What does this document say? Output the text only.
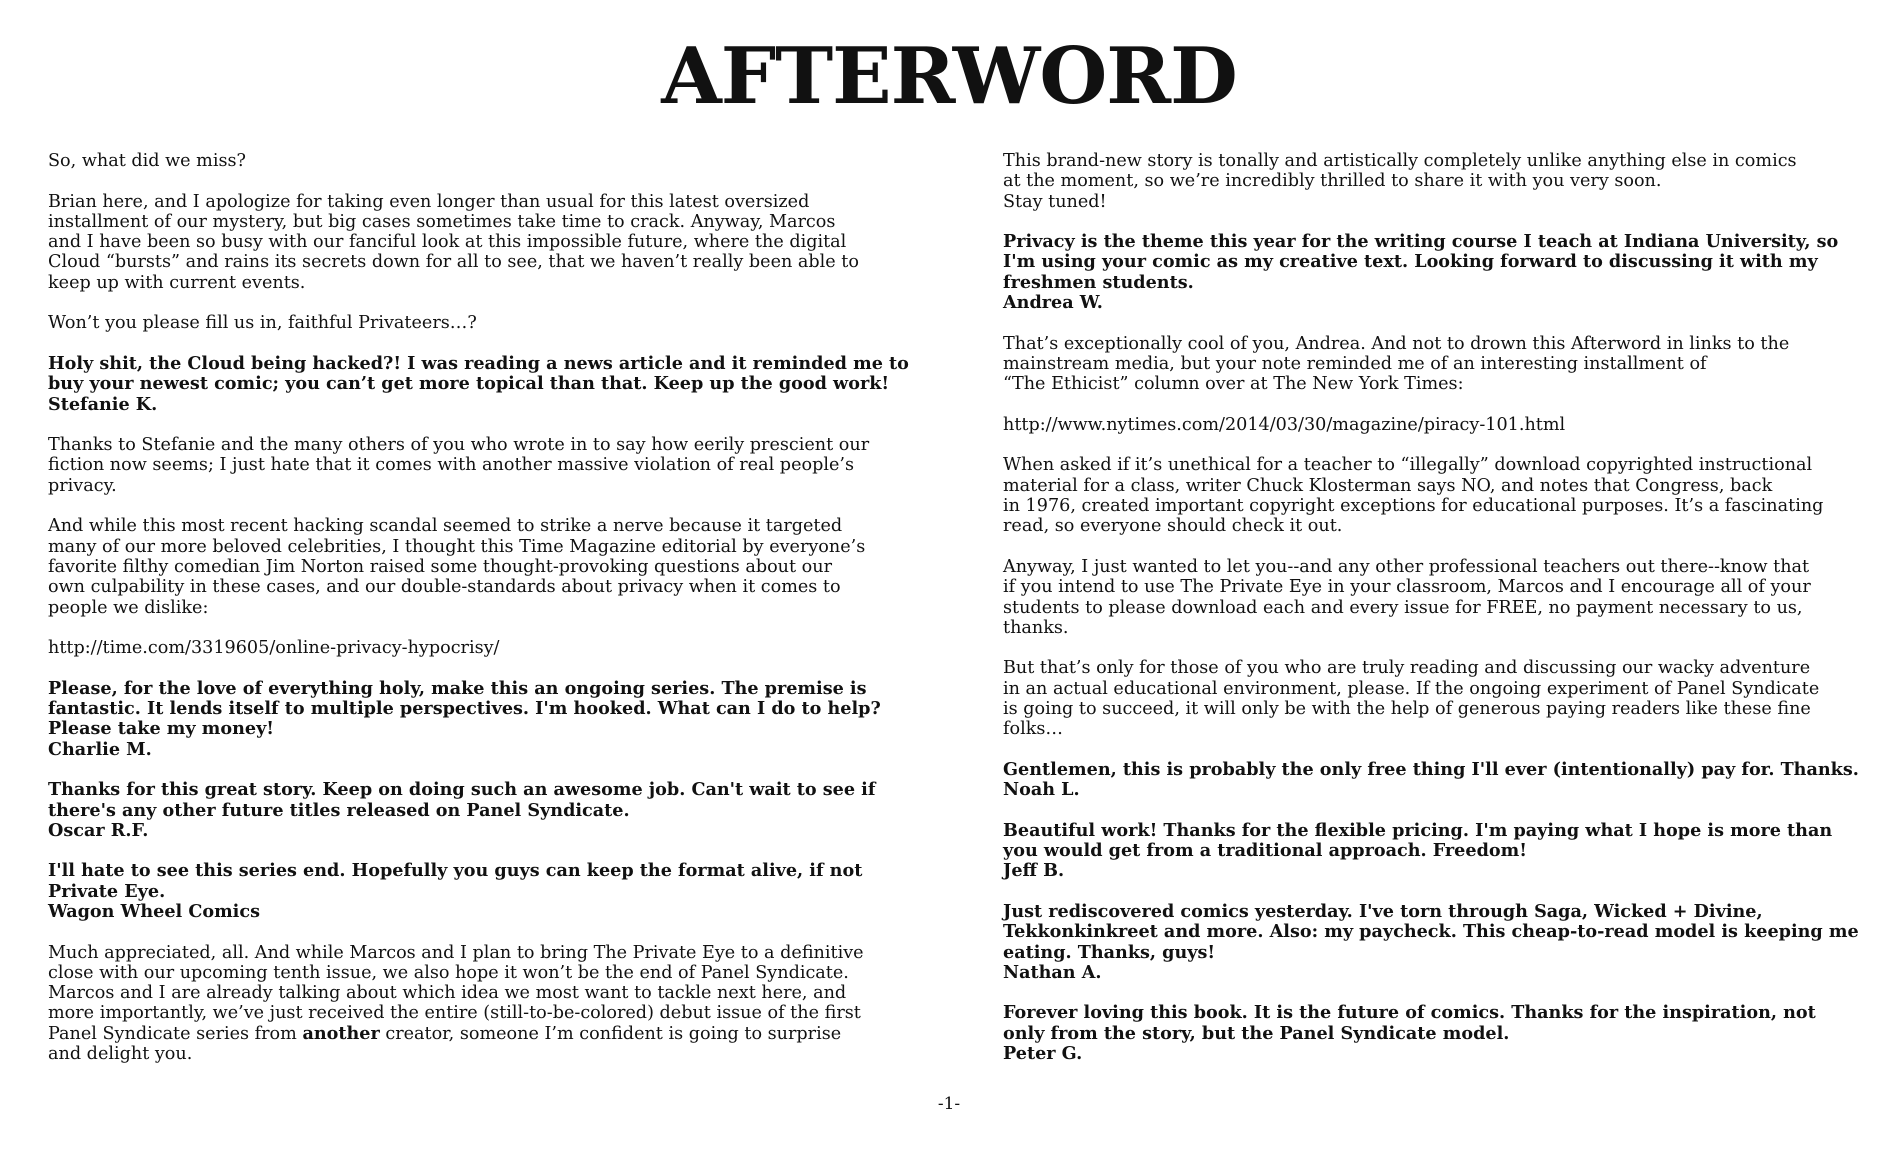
AFTERWORD

So, what did we miss?

Brian here, and I apologize for taking even longer than usual for this latest oversized
installment of our mystery, but big cases sometimes take time to crack. Anyway, Marcos
and I have been so busy with our fanciful look at this impossible future, where the digital
Cloud “bursts” and rains its secrets down for all to see, that we haven’t really been able to
keep up with current events.

Won’t you please fill us in, faithful Privateers…?

Holy shit, the Cloud being hacked?! I was reading a news article and it reminded me to
buy your newest comic; you can’t get more topical than that. Keep up the good work!
Stefanie K.

Thanks to Stefanie and the many others of you who wrote in to say how eerily prescient our
fiction now seems; I just hate that it comes with another massive violation of real people’s
privacy.

And while this most recent hacking scandal seemed to strike a nerve because it targeted
many of our more beloved celebrities, I thought this Time Magazine editorial by everyone’s
favorite filthy comedian Jim Norton raised some thought-provoking questions about our
own culpability in these cases, and our double-standards about privacy when it comes to
people we dislike:

http://time.com/3319605/online-privacy-hypocrisy/

Please, for the love of everything holy, make this an ongoing series. The premise is
fantastic. It lends itself to multiple perspectives. I'm hooked. What can I do to help?
Please take my money!
Charlie M.

Thanks for this great story. Keep on doing such an awesome job. Can't wait to see if
there's any other future titles released on Panel Syndicate.
Oscar R.F.

I'll hate to see this series end. Hopefully you guys can keep the format alive, if not
Private Eye.
Wagon Wheel Comics

Much appreciated, all. And while Marcos and I plan to bring The Private Eye to a definitive
close with our upcoming tenth issue, we also hope it won’t be the end of Panel Syndicate.
Marcos and I are already talking about which idea we most want to tackle next here, and
more importantly, we’ve just received the entire (still-to-be-colored) debut issue of the first
Panel Syndicate series from another creator, someone I’m confident is going to surprise
and delight you.

This brand-new story is tonally and artistically completely unlike anything else in comics
at the moment, so we’re incredibly thrilled to share it with you very soon.
Stay tuned!

Privacy is the theme this year for the writing course I teach at Indiana University, so
I'm using your comic as my creative text. Looking forward to discussing it with my
freshmen students.
Andrea W.

That’s exceptionally cool of you, Andrea. And not to drown this Afterword in links to the
mainstream media, but your note reminded me of an interesting installment of
“The Ethicist” column over at The New York Times:

http://www.nytimes.com/2014/03/30/magazine/piracy-101.html

When asked if it’s unethical for a teacher to “illegally” download copyrighted instructional
material for a class, writer Chuck Klosterman says NO, and notes that Congress, back
in 1976, created important copyright exceptions for educational purposes. It’s a fascinating
read, so everyone should check it out.

Anyway, I just wanted to let you--and any other professional teachers out there--know that
if you intend to use The Private Eye in your classroom, Marcos and I encourage all of your
students to please download each and every issue for FREE, no payment necessary to us,
thanks.

But that’s only for those of you who are truly reading and discussing our wacky adventure
in an actual educational environment, please. If the ongoing experiment of Panel Syndicate
is going to succeed, it will only be with the help of generous paying readers like these fine
folks…

Gentlemen, this is probably the only free thing I'll ever (intentionally) pay for. Thanks.
Noah L.

Beautiful work! Thanks for the flexible pricing. I'm paying what I hope is more than
you would get from a traditional approach. Freedom!
Jeff B.

Just rediscovered comics yesterday. I've torn through Saga, Wicked + Divine,
Tekkonkinkreet and more. Also: my paycheck. This cheap-to-read model is keeping me
eating. Thanks, guys!
Nathan A.

Forever loving this book. It is the future of comics. Thanks for the inspiration, not
only from the story, but the Panel Syndicate model.
Peter G.

-1-
